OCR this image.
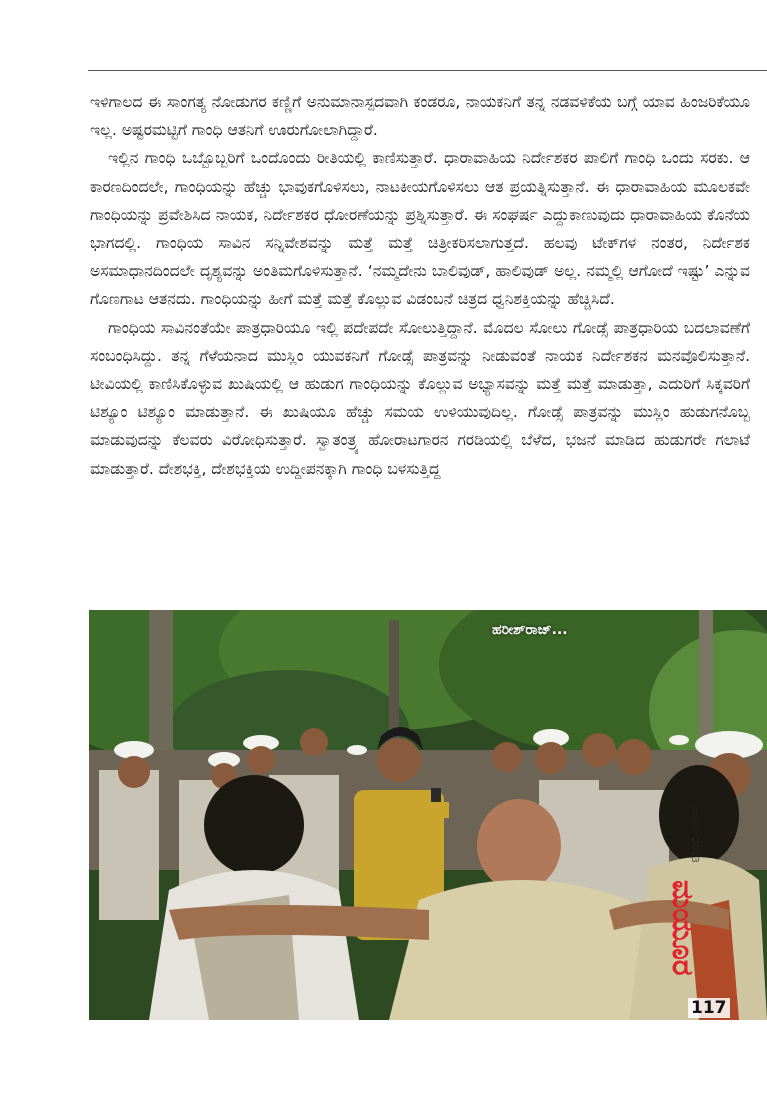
ಇಳಿಗಾಲದ ಈ ಸಾಂಗತ್ಯ ನೋಡುಗರ ಕಣ್ಣಿಗೆ ಅನುಮಾನಾಸ್ಪದವಾಗಿ ಕಂಡರೂ, ನಾಯಕನಿಗೆ ತನ್ನ ನಡವಳಿಕೆಯ ಬಗ್ಗೆ ಯಾವ ಹಿಂಜರಿಕೆಯೂ ಇಲ್ಲ. ಅಷ್ಟರಮಟ್ಟಿಗೆ ಗಾಂಧಿ ಆತನಿಗೆ ಊರುಗೋಲಾಗಿದ್ದಾರೆ.

ಇಲ್ಲಿನ ಗಾಂಧಿ ಒಬ್ಬೊಬ್ಬರಿಗೆ ಒಂದೊಂದು ರೀತಿಯಲ್ಲಿ ಕಾಣಿಸುತ್ತಾರೆ. ಧಾರಾವಾಹಿಯ ನಿರ್ದೇಶಕರ ಪಾಲಿಗೆ ಗಾಂಧಿ ಒಂದು ಸರಕು. ಆ ಕಾರಣದಿಂದಲೇ, ಗಾಂಧಿಯನ್ನು ಹೆಚ್ಚು ಭಾವುಕಗೊಳಿಸಲು, ನಾಟಕೀಯಗೊಳಿಸಲು ಆತ ಪ್ರಯತ್ನಿಸುತ್ತಾನೆ. ಈ ಧಾರಾವಾಹಿಯ ಮೂಲಕವೇ ಗಾಂಧಿಯನ್ನು ಪ್ರವೇಶಿಸಿದ ನಾಯಕ, ನಿರ್ದೇಶಕರ ಧೋರಣೆಯನ್ನು ಪ್ರಶ್ನಿಸುತ್ತಾರೆ. ಈ ಸಂಘರ್ಷ ಎದ್ದುಕಾಣುವುದು ಧಾರಾವಾಹಿಯ ಕೊನೆಯ ಭಾಗದಲ್ಲಿ. ಗಾಂಧಿಯ ಸಾವಿನ ಸನ್ನಿವೇಶವನ್ನು ಮತ್ತೆ ಮತ್ತೆ ಚಿತ್ರೀಕರಿಸಲಾಗುತ್ತದೆ. ಹಲವು ಟೇಕ್‌ಗಳ ನಂತರ, ನಿರ್ದೇಶಕ ಅಸಮಾಧಾನದಿಂದಲೇ ದೃಶ್ಯವನ್ನು ಅಂತಿಮಗೊಳಿಸುತ್ತಾನೆ. ‘ನಮ್ಮದೇನು ಬಾಲಿವುಡ್, ಹಾಲಿವುಡ್ ಅಲ್ಲ. ನಮ್ಮಲ್ಲಿ ಆಗೋದೆ ಇಷ್ಟು’ ಎನ್ನುವ ಗೊಣಗಾಟ ಆತನದು. ಗಾಂಧಿಯನ್ನು ಹೀಗೆ ಮತ್ತೆ ಮತ್ತೆ ಕೊಲ್ಲುವ ವಿಡಂಬನೆ ಚಿತ್ರದ ಧ್ವನಿಶಕ್ತಿಯನ್ನು ಹೆಚ್ಚಿಸಿದೆ.

ಗಾಂಧಿಯ ಸಾವಿನಂತೆಯೇ ಪಾತ್ರಧಾರಿಯೂ ಇಲ್ಲಿ ಪದೇಪದೇ ಸೋಲುತ್ತಿದ್ದಾನೆ. ಮೊದಲ ಸೋಲು ಗೋಡ್ಸೆ ಪಾತ್ರಧಾರಿಯ ಬದಲಾವಣೆಗೆ ಸಂಬಂಧಿಸಿದ್ದು. ತನ್ನ ಗೆಳೆಯನಾದ ಮುಸ್ಲಿಂ ಯುವಕನಿಗೆ ಗೋಡ್ಸೆ ಪಾತ್ರವನ್ನು ನೀಡುವಂತೆ ನಾಯಕ ನಿರ್ದೇಶಕನ ಮನವೊಲಿಸುತ್ತಾನೆ. ಟೀವಿಯಲ್ಲಿ ಕಾಣಿಸಿಕೊಳ್ಳುವ ಖುಷಿಯಲ್ಲಿ ಆ ಹುಡುಗ ಗಾಂಧಿಯನ್ನು ಕೊಲ್ಲುವ ಅಭ್ಯಾಸವನ್ನು ಮತ್ತೆ ಮತ್ತೆ ಮಾಡುತ್ತಾ, ಎದುರಿಗೆ ಸಿಕ್ಕವರಿಗೆ ಟಿಶ್ಯೂಂ ಟಿಶ್ಯೂಂ ಮಾಡುತ್ತಾನೆ. ಈ ಖುಷಿಯೂ ಹೆಚ್ಚು ಸಮಯ ಉಳಿಯುವುದಿಲ್ಲ. ಗೋಡ್ಸೆ ಪಾತ್ರವನ್ನು ಮುಸ್ಲಿಂ ಹುಡುಗನೊಬ್ಬ ಮಾಡುವುದನ್ನು ಕೆಲವರು ವಿರೋಧಿಸುತ್ತಾರೆ. ಸ್ವಾತಂತ್ರ್ಯ ಹೋರಾಟಗಾರನ ಗರಡಿಯಲ್ಲಿ ಬೆಳೆದ, ಭಜನೆ ಮಾಡಿದ ಹುಡುಗರೇ ಗಲಾಟೆ ಮಾಡುತ್ತಾರೆ. ದೇಶಭಕ್ತಿ, ದೇಶಭಕ್ತಿಯ ಉದ್ದೀಪನಕ್ಕಾಗಿ ಗಾಂಧಿ ಬಳಸುತ್ತಿದ್ದ

ಹರೀಶ್‌ರಾಜ್...
ಮಾರ್ಚ್ 2013
ಮಯೂರ
117
